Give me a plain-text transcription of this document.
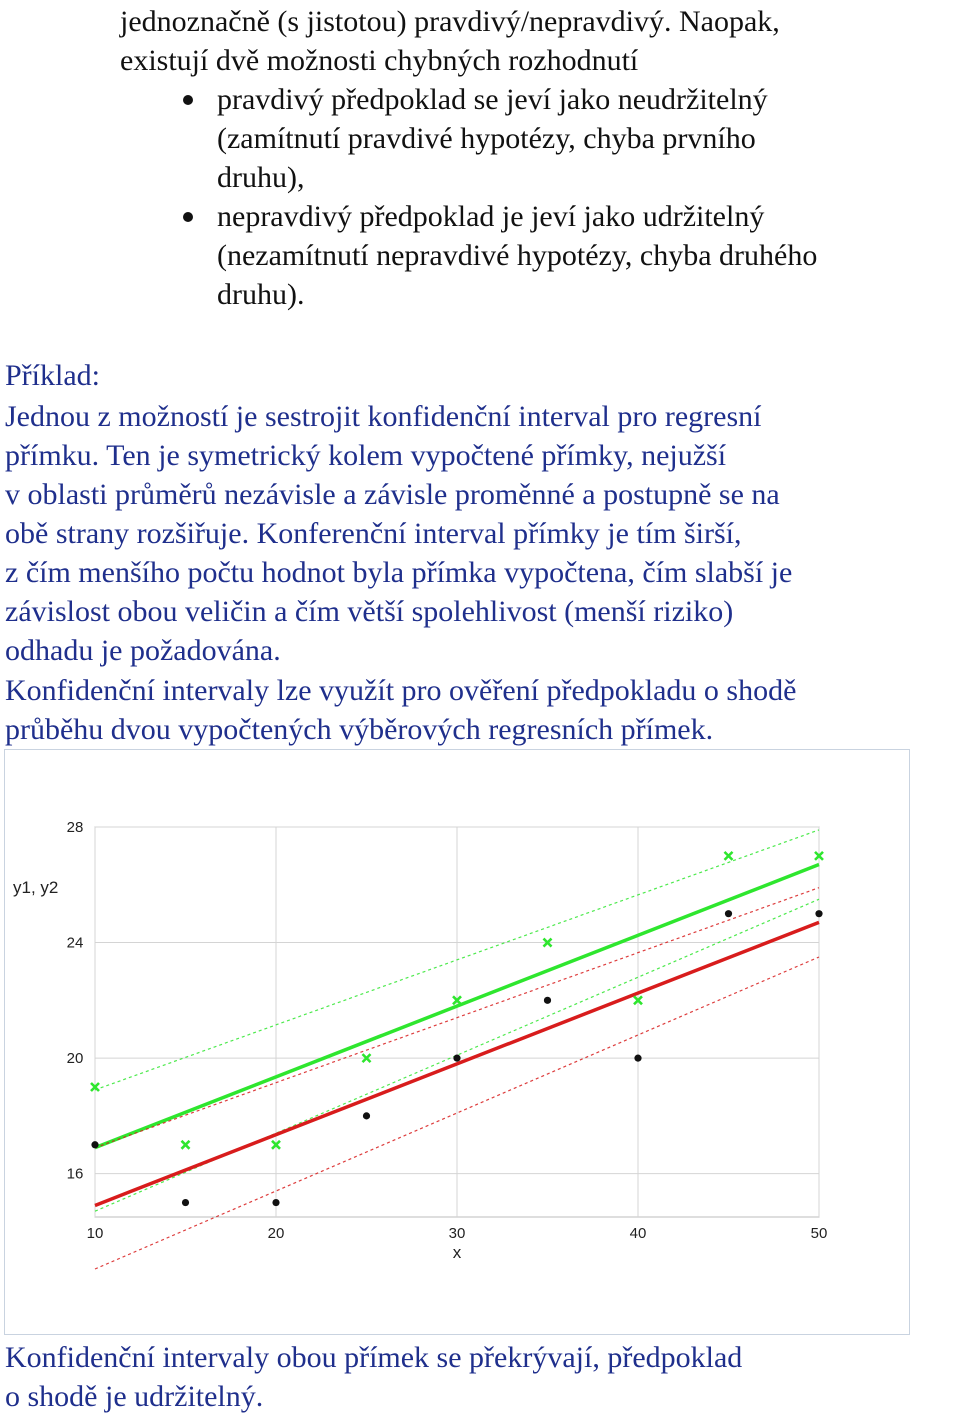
jednoznačně (s jistotou) pravdivý/nepravdivý. Naopak,
existují dvě možnosti chybných rozhodnutí
pravdivý předpoklad se jeví jako neudržitelný
(zamítnutí pravdivé hypotézy, chyba prvního
druhu),
nepravdivý předpoklad je jeví jako udržitelný
(nezamítnutí nepravdivé hypotézy, chyba druhého
druhu).
Příklad:
Jednou z možností je sestrojit konfidenční interval pro regresní
přímku. Ten je symetrický kolem vypočtené přímky, nejužší
v oblasti průměrů nezávisle a závisle proměnné a postupně se na
obě strany rozšiřuje. Konferenční interval přímky je tím širší,
z čím menšího počtu hodnot byla přímka vypočtena, čím slabší je
závislost obou veličin a čím větší spolehlivost (menší riziko)
odhadu je požadována.
Konfidenční intervaly lze využít pro ověření předpokladu o shodě
průběhu dvou vypočtených výběrových regresních přímek.
10	20	30	40	50
16
20
24
28
x
y1, y2
Konfidenční intervaly obou přímek se překrývají, předpoklad
o shodě je udržitelný.
